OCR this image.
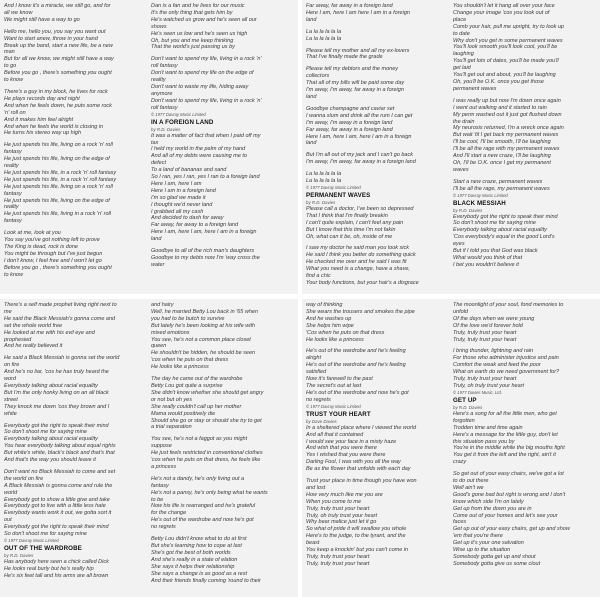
And I know it's a miracle, we still go, and for
all we know
We might still have a way to go
Hello me, hello you, you say you want out
Want to start anew, throw in your hand
Break up the band, start a new life, be a new
man
But for all we know, we might still have a way
to go
Before you go , there's something you ought
to know
There's a guy in my block, he lives for rock
He plays records day and night
And when he feels down, he puts some rock
'n' roll on
And it makes him feel alright
And when he feels the world is closing in
He turns his stereo way up high
He just spends his life, living on a rock 'n' roll
fantasy
He just spends his life, living on the edge of
reality
He just spends his life, in a rock 'n' roll fantasy
He just spends his life, in a rock 'n' roll fantasy
He just spends his life, living on a rock 'n' roll
fantasy
He just spends his life, living on the edge of
reality
He just spends his life, living in a rock 'n' roll
fantasy
Look at me, look at you
You say you've got nothing left to prove
The King is dead, rock is done
You might be through but I've just begun
I don't know, I feel free and I won't let go
Before you go , there's something you ought
to know
Dan is a fan and he lives for our music
It's the only thing that gets him by
He's watched us grow and he's seen all our
shows
He's seen us low and he's seen us high
Oh, but you and me keep thinking
That the world's just passing us by
Don't want to spend my life, living in a rock 'n'
roll fantasy
Don't want to spend my life on the edge of
reality
Don't want to waste my life, hiding away
anymore
Don't want to spend my life, living in a rock 'n'
roll fantasy
© 1977 Davray Music Limited
IN A FOREIGN LAND
by R.D. Davies
It was a matter of fact that when I paid off my
tax
I held my world in the palm of my hand
And all of my debts were causing me to
defect
To a land of bananas and sand
So I ran, yes I ran, yes I ran to a foreign land
Here I am, here I am
Here I am in a foreign land
I'm so glad we made it
I thought we'd never land
I grabbed all my cash
And decided to dash for away
Far away, far away to a foreign land
Here I am, here I am, here I am in a foreign
land
Goodbye to all of the rich man's daughters
Goodbye to my debts now I'm 'way cross the
water
Far away, far away in a foreign land
Here I am, here I am here I am in a foreign
land
La la la la la la
La la la la la la
Please tell my mother and all my ex-lovers
That I've finally made the grade
Please tell my debtors and the money
collectors
That all of my bills will be paid some day
I'm away, I'm away, far away in a foreign
land
Goodbye champagne and caviar set
I wanna slum and drink all the rum I can get
I'm away, I'm away in a foreign land
Far away, far away in a foreign land
Here I am, here I am, here I am in a foreign
land
But I'm all out of my jack and I can't go back
I'm away, I'm away, far away in a foreign land
La la la la la la
La la la la la la
© 1977 Davray Music Limited
PERMANENT WAVES
by R.D. Davies
Please call a doctor, I've been so depressed
That I think that I'm finally breakin
I can't quite explain, I can't feel any pain
But I know that this time I'm not fakin
Oh, what can it be, oh, inside of me
I saw my doctor he said man you look sick
He said I think you better do something quick
He checked me over and he said I was fit
What you need is a change, have a shave,
find a chic
Your body functions, but your hair's a disgrace
You shouldn't let it hang all over your face
Change your image 'cos you look out of
place
Comb your hair, pull me upright, try to look up
to date
Why don't you get in some permanent waves
You'll look smooth you'll look cool, you'll be
laughing
You'll get lots of dates, you'll be made you'll
get laid
You'll get out and about, you'll be laughing
Oh, you'll be O.K. once you get those
permanent waves
I was really up but now I'm down once again
I went out walking and it started to rain
My perm washed out it just got flushed down
the drain
My neurosis returned, I'm a wreck once again
But wait 'til I get back my permanent waves
I'll be cool, I'll be smooth, I'll be laughing
I'll be all the rage with my permanent waves
And I'll start a new craze, I'll be laughing
Oh, I'll be O.K. once I get my permanent
waves
Start a new craze, permanent waves
I'll be all the rage, my permanent waves
© 1977 Davray Music Limited
BLACK MESSIAH
by R.D. Davies
Everybody got the right to speak their mind
So don't shoot me for saying mine
Everybody talking about racial equality
'Cos everybody's equal in the good Lord's
eyes
But if I told you that God was black
What would you think of that
I bet you wouldn't believe it
There's a self made prophet living right next to
me
He said the Black Messiah's gonna come and
set the whole world free
He looked at me with his evil eye and
prophesied
And he really believed it
He said a Black Messiah is gonna set the world
on fire
And he's no liar, 'cos he has truly heard the
word
Everybody talking about racial equality
But I'm the only honky living on an all black
street
They knock me down 'cos they brown and I
white
Everybody got the right to speak their mind
So don't shoot me for saying mine
Everybody talking about racial equality
You hear everybody talking about equal rights
But white's white, black's black and that's that
And that's the way you should leave it
Don't want no Black Messiah to come and set
the world on fire
A Black Messiah is gonna come and rule the
world
Everybody got to show a little give and take
Everybody got to live with a little less hate
Everybody wants work it out, we gotta sort it
out
Everybody got the right to speak their mind
So don't shoot me for saying mine
© 1977 Davray Music Limited
OUT OF THE WARDROBE
by R.D. Davies
Has anybody here seen a chick called Dick
He looks real burly but he's really hip
He's six feet tall and his arms are all brown
and hairy
Well, he married Betty Lou back in '65 when
you had to be butch to survive
But lately he's been looking at his wife with
mixed emotions
You see, he's not a common place closet
queen
He shouldn't be hidden, he should be seen
'cos when he puts on that dress
He looks like a princess
The day he came out of the wardrobe
Betty Lou got quite a surprise
She didn't know whether she should get angry
or not but oh yes
She really couldn't call up her mother
Mama would positively die
Should she go or stay or should she try to get
a trial separation
You see, he's not a faggot as you might
suppose
He just feels restricted in conventional clothes
'cos when he puts on that dress, he feels like
a princess
He's not a dandy, he's only living out a
fantasy
He's not a pansy, he's only being what he wants
to be
Now his life is rearranged and he's grateful
for the change
He's out of the wardrobe and now he's got
no regrets
Betty Lou didn't know what to do at first
But she's learning how to cope at last
She's got the best of both worlds
And she's really in a state of elation
She says it helps their relationship
She says a change is as good as a rest
And their friends finally coming 'round to their
way of thinking
She wears the trousers and smokes the pipe
And he washes up
She helps him wipe
'Cos when he puts on that dress
He looks like a princess
He's out of the wardrobe and he's feeling
alright
He's out of the wardrobe and he's feeling
satisfied
Now it's farewell to the past
The secret's out at last
He's out of the wardrobe and now he's got
no regrets
© 1977 Davray Music Limited
TRUST YOUR HEART
by Dave Davies
In a sheltered place where I viewed the world
And all that it contained
I would see your face in a misty haze
And wish that you were there
Yes I wished that you were there
Darling Fool, I was with you all the way
Be as the flower that unfolds with each day
Trust your place in time though you have won
and lost
How very much like me you are
When you come to me
Truly, truly trust your heart
Truly, oh truly trust your heart
Why bear malice just let it go
So what of pride it will swallow you whole
Here's to the judge, to the tyrant, and the
beast
You keep a knockin' but you can't come in
Truly, truly trust your heart
Truly, truly trust your heart
The moonlight of your soul, fond memories to
unfold
Of the days when we were young
Of the love we'd forever hold
Truly, truly trust your heart
Truly, truly trust your heart
I bring thunder, lightning and rain
For those who administer injustice and pain
Comfort the weak and feed the poor
What on earth do we need government for?
Truly, truly trust your heart
Truly, oh truly trust your heart
© 1977 Davies Music, Ltd.
GET UP
by R.D. Davies
Here's a song for all the little men, who get
forgotten
Trodden time and time again
Here's a message for the little guy, don't let
this situation pass you by
You're in the middle while the big mouths fight
You get it from the left and the right, ain't it
crazy
So get out of your easy chairs, we've got a lot
to do out there
Well ain't we
Good's gone bad but right is wrong and I don't
know which side I'm on lately
Get up from the down you are in
Come out of your homes and let's see your
faces
Get up out of your easy chairs, get up and show
'em that you're there
Get up it's your one salvation
Wise up to the situation
Somebody gotta get up and shout
Somebody gotta give us some clout
